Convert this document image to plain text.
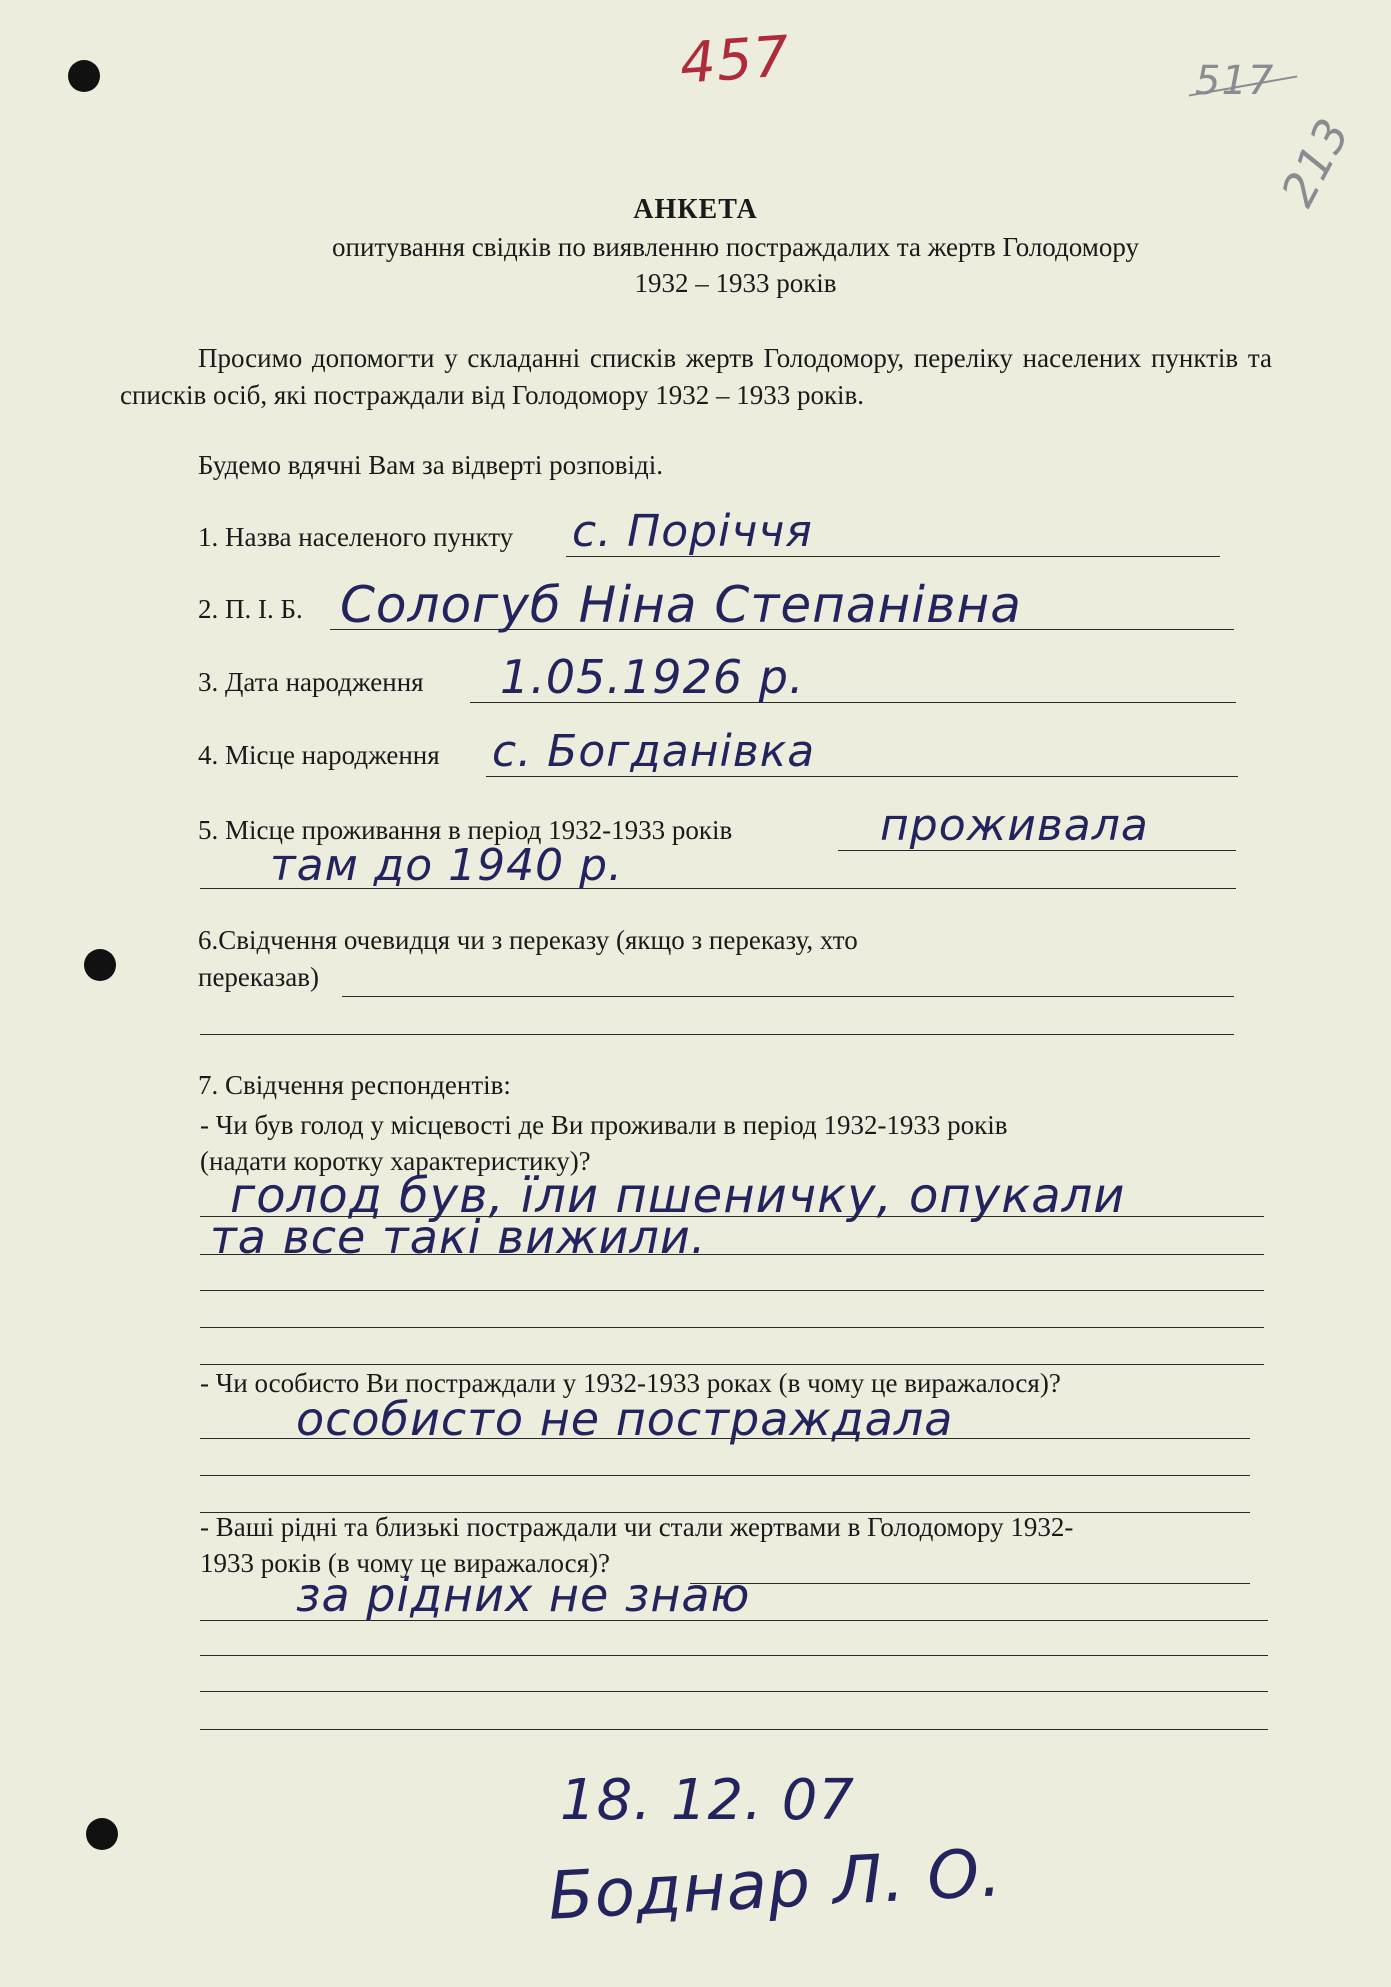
457	517
213
АНКЕТА
опитування свідків по виявленню постраждалих та жертв Голодомору
1932 – 1933 років
Просимо допомогти у складанні списків жертв Голодомору, переліку населених пунктів та списків осіб, які постраждали від Голодомору 1932 – 1933 років.
Будемо вдячні Вам за відверті розповіді.
1. Назва населеного пункту с. Поріччя
2. П. І. Б. Сологуб Ніна Степанівна
3. Дата народження 1.05.1926 р.
4. Місце народження с. Богданівка
5. Місце проживання в період 1932-1933 років	проживала
там до 1940 р.
6.Свідчення очевидця чи з переказу (якщо з переказу, хто
переказав)
7. Свідчення респондентів:
- Чи був голод у місцевості де Ви проживали в період 1932-1933 років
(надати коротку характеристику)?
голод був, їли пшеничку, опукали
та все такі вижили.
- Чи особисто Ви постраждали у 1932-1933 роках (в чому це виражалося)?
особисто не постраждала
- Ваші рідні та близькі постраждали чи стали жертвами в Голодомору 1932-
1933 років (в чому це виражалося)?
за рідних не знаю
18. 12. 07
Боднар Л. О.
